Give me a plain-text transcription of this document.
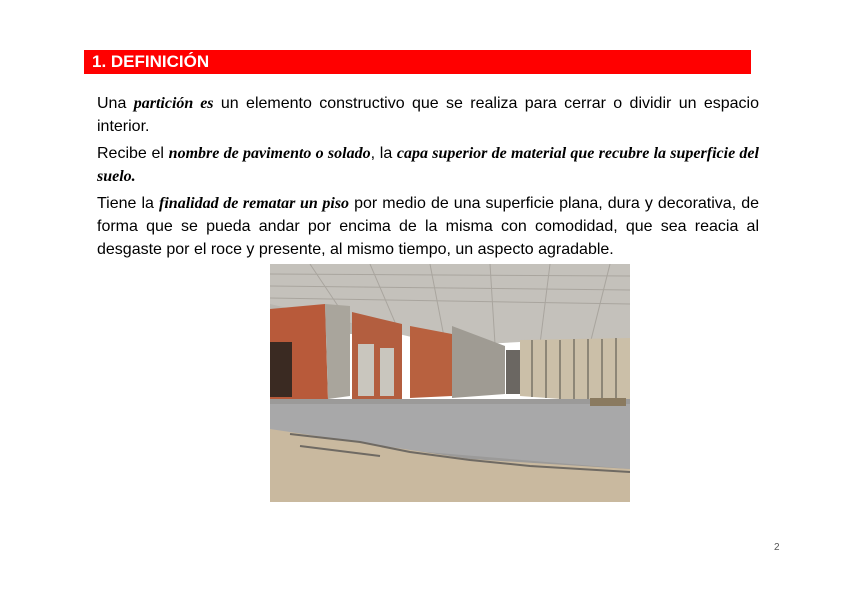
1. DEFINICIÓN

Una partición es un elemento constructivo que se realiza para cerrar o dividir un espacio interior.

Recibe el nombre de pavimento o solado, la capa superior de material que recubre la superficie del suelo.

Tiene la finalidad de rematar un piso por medio de una superficie plana, dura y decorativa, de forma que se pueda andar por encima de la misma con comodidad, que sea reacia al desgaste por el roce y presente, al mismo tiempo, un aspecto agradable.

2
